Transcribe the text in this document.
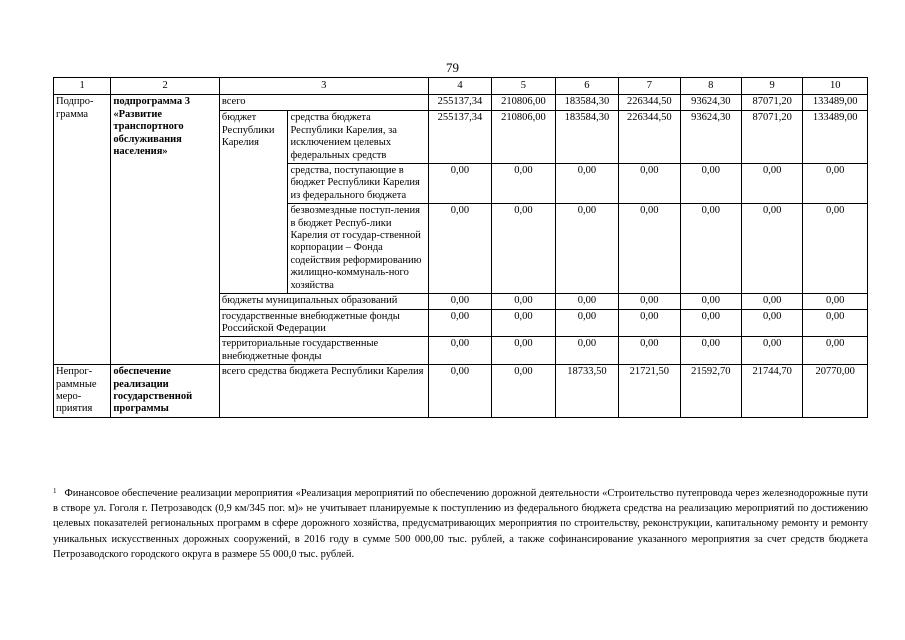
79
1	2	3		4	5	6	7	8	9	10
Подпро-грамма	подпрограмма 3 «Развитие транспортного обслуживания населения»	всего		255137,34	210806,00	183584,30	226344,50	93624,30	87071,20	133489,00
		бюджет Республики Карелия	средства бюджета Республики Карелия, за исключением целевых федеральных средств	255137,34	210806,00	183584,30	226344,50	93624,30	87071,20	133489,00
			средства, поступающие в бюджет Республики Карелия из федерального бюджета	0,00	0,00	0,00	0,00	0,00	0,00	0,00
			безвозмездные поступ-ления в бюджет Респуб-лики Карелия от государ-ственной корпорации – Фонда содействия реформированию жилищно-коммуналь-ного хозяйства	0,00	0,00	0,00	0,00	0,00	0,00	0,00
		бюджеты муниципальных образований		0,00	0,00	0,00	0,00	0,00	0,00	0,00
		государственные внебюджетные фонды Российской Федерации		0,00	0,00	0,00	0,00	0,00	0,00	0,00
		территориальные государственные внебюджетные фонды		0,00	0,00	0,00	0,00	0,00	0,00	0,00
Непрог-раммные меро-приятия	обеспечение реализации государственной программы	всего средства бюджета Республики Карелия		0,00	0,00	18733,50	21721,50	21592,70	21744,70	20770,00
$^1$ Финансовое обеспечение реализации мероприятия «Реализация мероприятий по обеспечению дорожной деятельности «Строительство путепровода через железнодорожные пути в створе ул. Гоголя г. Петрозаводск (0,9 км/345 пог. м)» не учитывает планируемые к поступлению из федерального бюджета средства на реализацию мероприятий по достижению целевых показателей региональных программ в сфере дорожного хозяйства, предусматривающих мероприятия по строительству, реконструкции, капитальному ремонту и ремонту уникальных искусственных дорожных сооружений, в 2016 году в сумме 500 000,00 тыс. рублей, а также софинансирование указанного мероприятия за счет средств бюджета Петрозаводского городского округа в размере 55 000,0 тыс. рублей.
